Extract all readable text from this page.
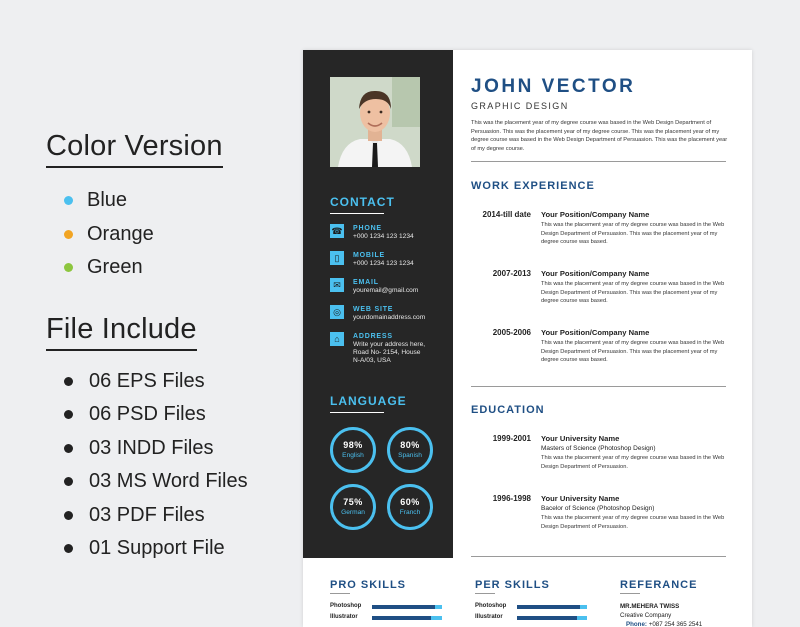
Color Version
Blue
Orange
Green
File Include
06 EPS Files
06 PSD Files
03 INDD Files
03 MS Word Files
03 PDF Files
01 Support File
CONTACT
☎ PHONE
+000 1234 123 1234
▯	MOBILE
+000 1234 123 1234
✉	EMAIL
youremail@gmail.com
◎	WEB SITE
yourdomainaddress.com
⌂	ADDRESS
Write your address here,
Road No- 2154, House
N-A/03, USA
LANGUAGE
98%
English
80%
Spanish
75%
German
60%
Franch
JOHN VECTOR
GRAPHIC DESIGN
This was the placement year of my degree course was based in the Web Design Department of Persuasion. This was the placement year of my degree course. This was the placement year of my degree course was based in the Web Design Department of Persuasion. This was the placement year of my degree course.
WORK EXPERIENCE
2014-till date Your Position/Company Name
This was the placement year of my degree course was based in the Web Design Department of Persuasion. This was the placement year of my degree course was based.
2007-2013 Your Position/Company Name
This was the placement year of my degree course was based in the Web Design Department of Persuasion. This was the placement year of my degree course was based.
2005-2006 Your Position/Company Name
This was the placement year of my degree course was based in the Web Design Department of Persuasion. This was the placement year of my degree course was based.
EDUCATION
1999-2001 Your University Name
Masters of Science (Photoshop Design)
This was the placement year of my degree course was based in the Web Design Department of Persuasion.
1996-1998 Your University Name
Bacelor of Science (Photoshop Design)
This was the placement year of my degree course was based in the Web Design Department of Persuasion.
PRO SKILLS
Photoshop
Illustrator
PER SKILLS
Photoshop
Illustrator
REFERANCE
MR.MEHERA TWISS
Creative Company
Phone: +087 254 365 2541
